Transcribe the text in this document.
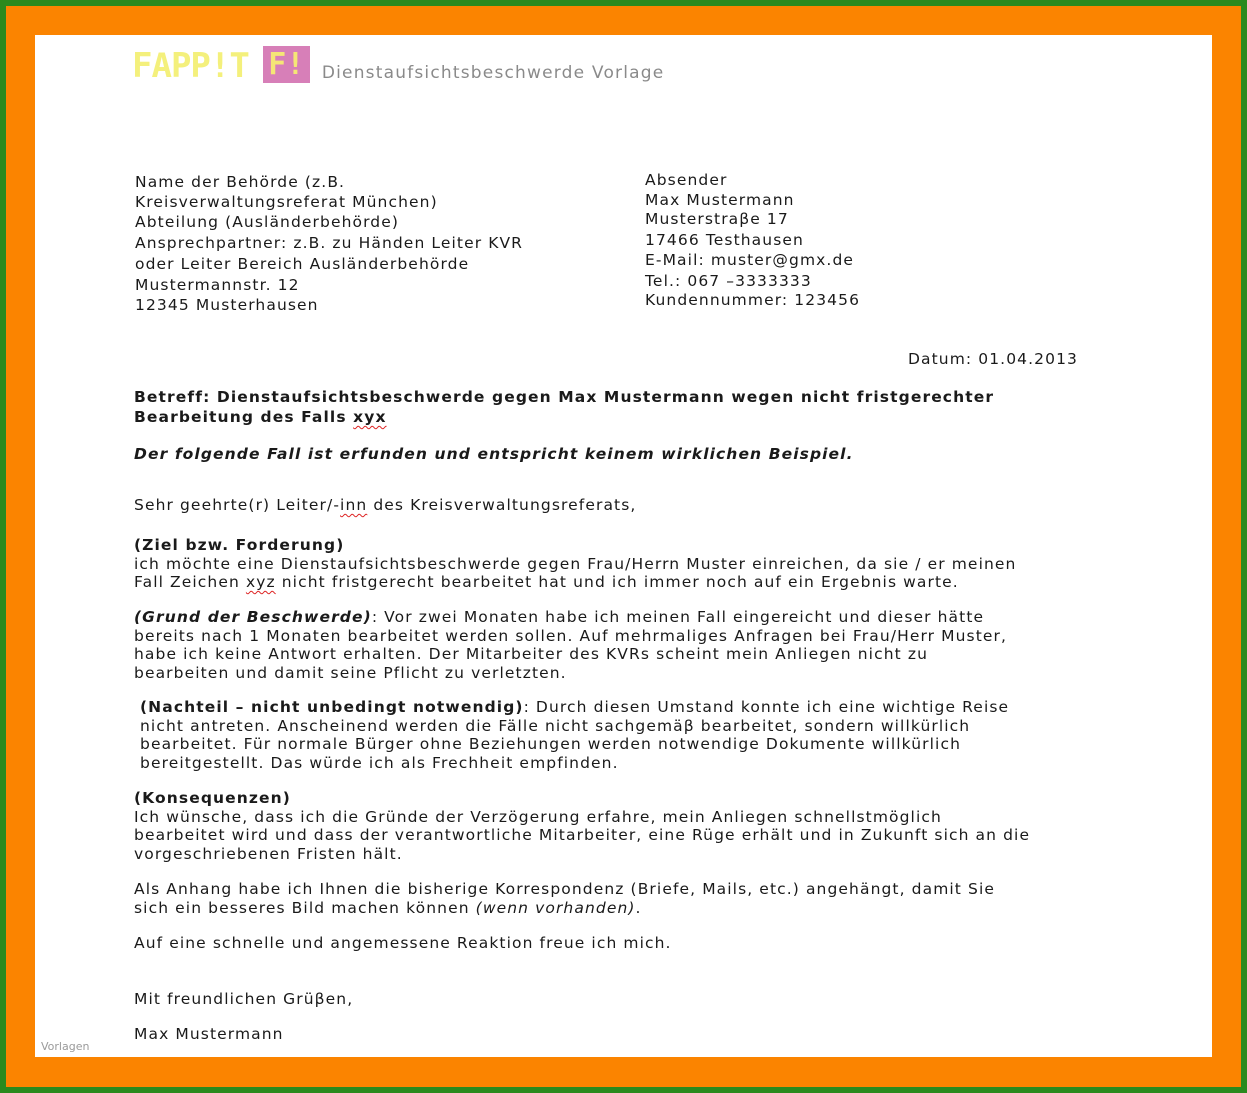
FAPP!T F!	Dienstaufsichtsbeschwerde Vorlage
Name der Behörde (z.B.
Kreisverwaltungsreferat München)
Abteilung (Ausländerbehörde)
Ansprechpartner: z.B. zu Händen Leiter KVR
oder Leiter Bereich Ausländerbehörde
Mustermannstr. 12
12345 Musterhausen
Absender
Max Mustermann
Musterstraβe 17
17466 Testhausen
E-Mail: muster@gmx.de
Tel.: 067 –3333333
Kundennummer: 123456
Datum: 01.04.2013
Betreff: Dienstaufsichtsbeschwerde gegen Max Mustermann wegen nicht fristgerechter
Bearbeitung des Falls xyx
Der folgende Fall ist erfunden und entspricht keinem wirklichen Beispiel.
Sehr geehrte(r) Leiter/-inn des Kreisverwaltungsreferats,
(Ziel bzw. Forderung)
ich möchte eine Dienstaufsichtsbeschwerde gegen Frau/Herrn Muster einreichen, da sie / er meinen
Fall Zeichen xyz nicht fristgerecht bearbeitet hat und ich immer noch auf ein Ergebnis warte.
(Grund der Beschwerde): Vor zwei Monaten habe ich meinen Fall eingereicht und dieser hätte
bereits nach 1 Monaten bearbeitet werden sollen. Auf mehrmaliges Anfragen bei Frau/Herr Muster,
habe ich keine Antwort erhalten. Der Mitarbeiter des KVRs scheint mein Anliegen nicht zu
bearbeiten und damit seine Pflicht zu verletzten.
(Nachteil – nicht unbedingt notwendig): Durch diesen Umstand konnte ich eine wichtige Reise
nicht antreten. Anscheinend werden die Fälle nicht sachgemäβ bearbeitet, sondern willkürlich
bearbeitet. Für normale Bürger ohne Beziehungen werden notwendige Dokumente willkürlich
bereitgestellt. Das würde ich als Frechheit empfinden.
(Konsequenzen)
Ich wünsche, dass ich die Gründe der Verzögerung erfahre, mein Anliegen schnellstmöglich
bearbeitet wird und dass der verantwortliche Mitarbeiter, eine Rüge erhält und in Zukunft sich an die
vorgeschriebenen Fristen hält.
Als Anhang habe ich Ihnen die bisherige Korrespondenz (Briefe, Mails, etc.) angehängt, damit Sie
sich ein besseres Bild machen können (wenn vorhanden).
Auf eine schnelle und angemessene Reaktion freue ich mich.
Mit freundlichen Grüβen,
Max Mustermann
Vorlagen
